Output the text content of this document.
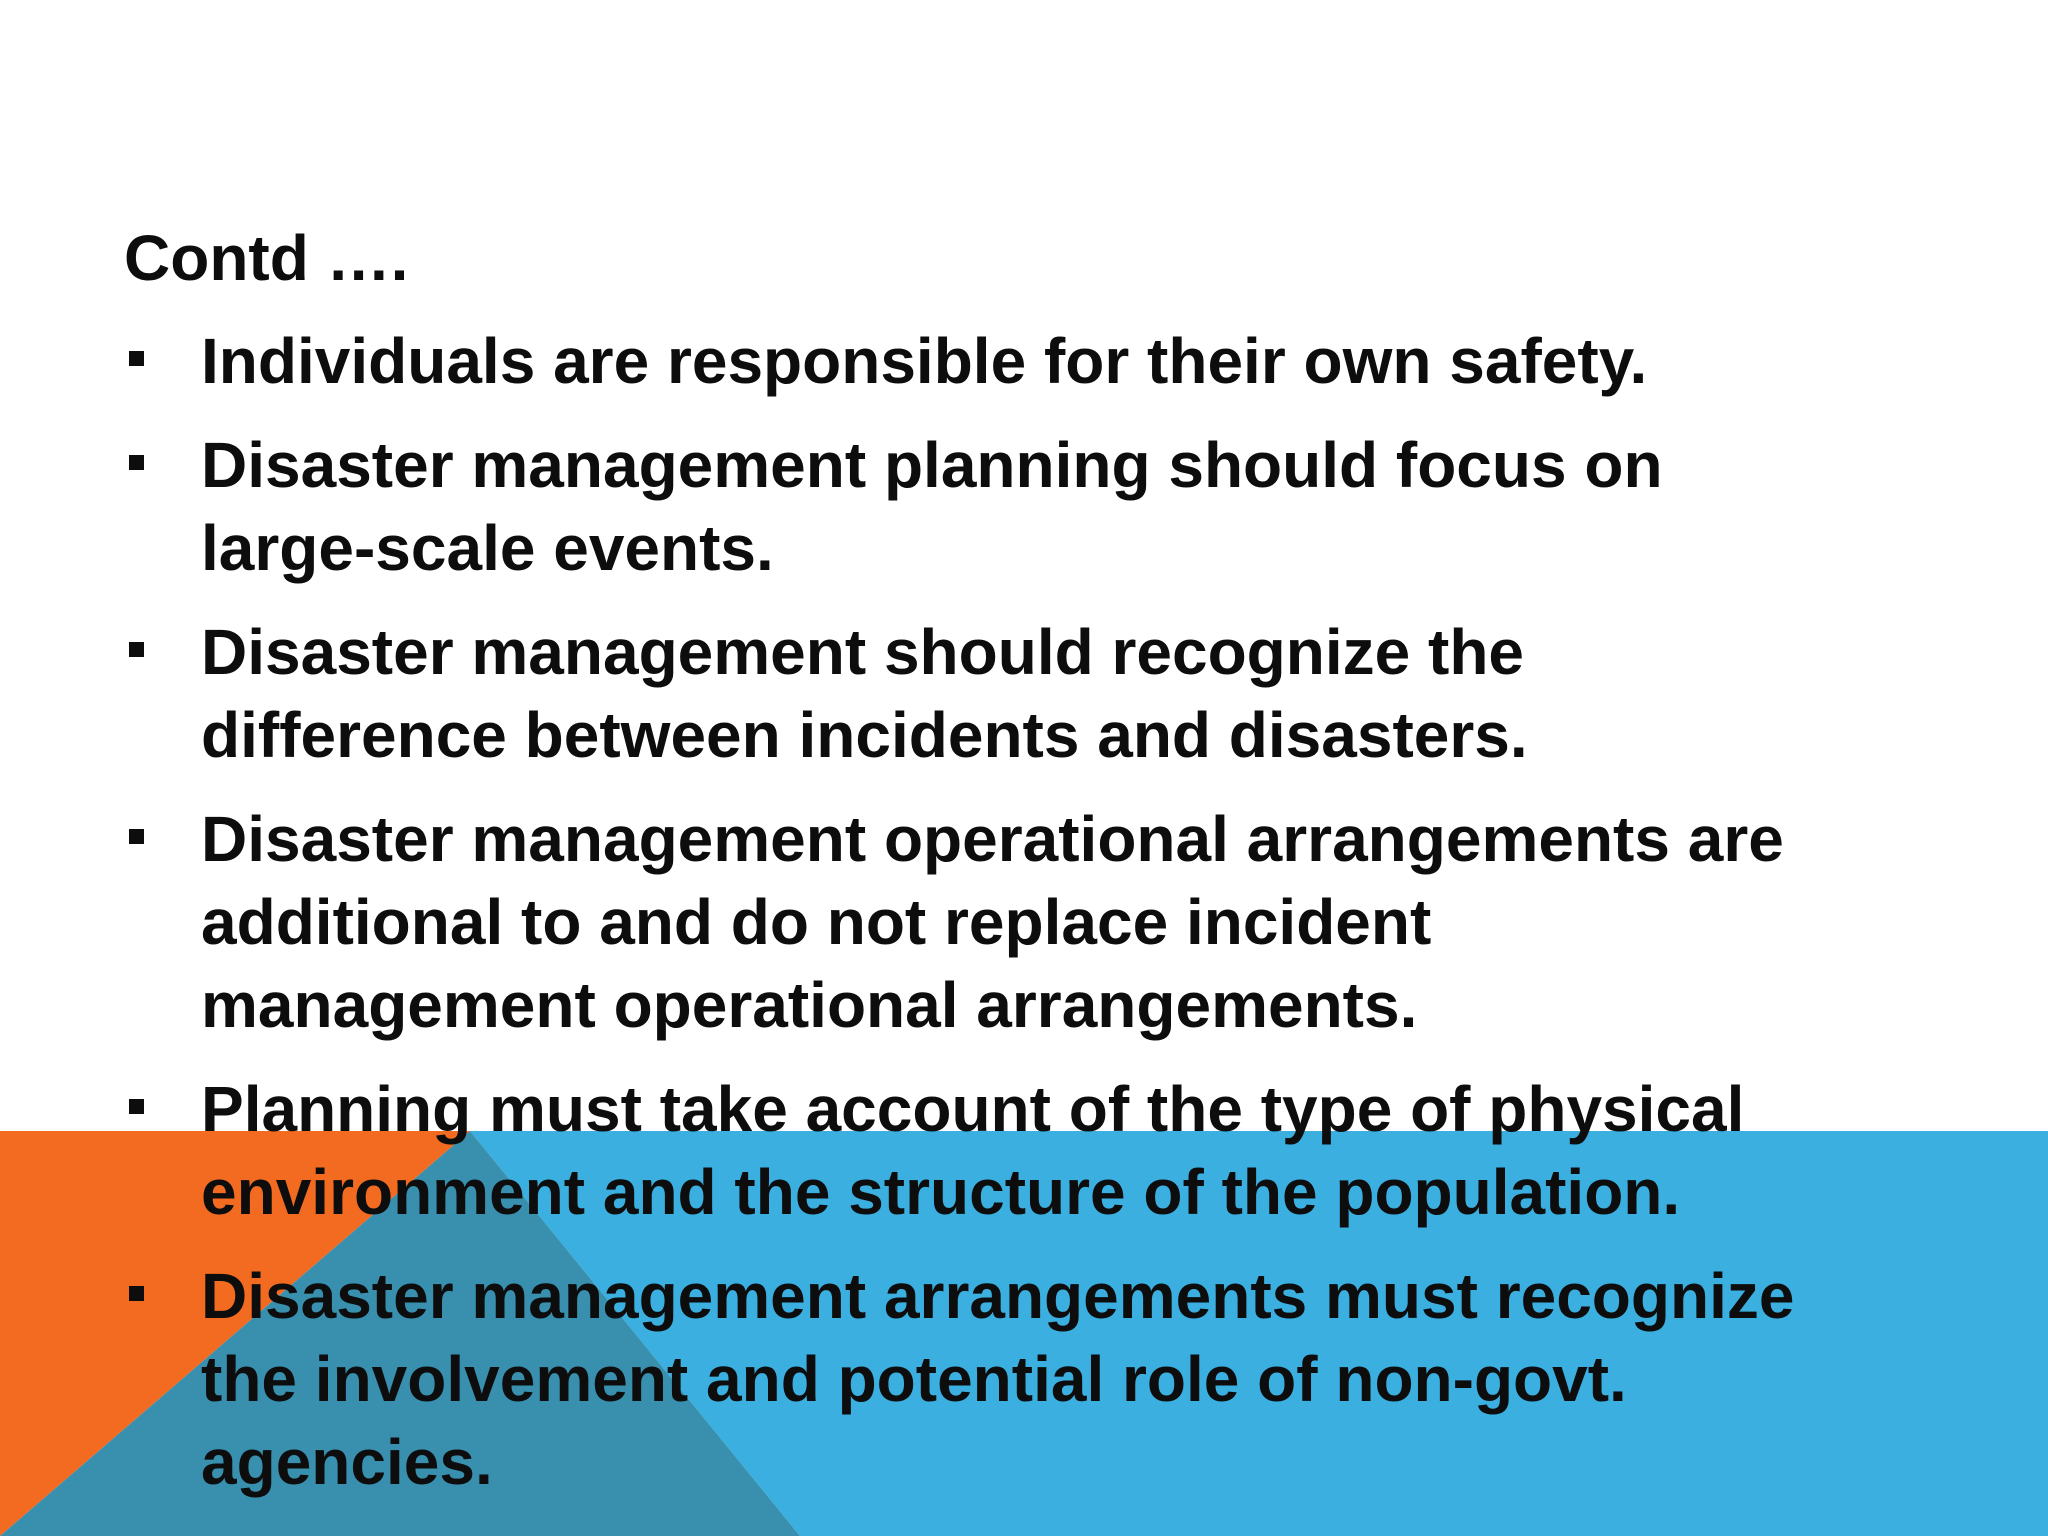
Contd ….
Individuals are responsible for their own safety.
Disaster management planning should focus on
large-scale events.
Disaster management should recognize the
difference between incidents and disasters.
Disaster management operational arrangements are
additional to and do not replace incident
management operational arrangements.
Planning must take account of the type of physical
environment and the structure of the population.
Disaster management arrangements must recognize
the involvement and potential role of non-govt.
agencies.
